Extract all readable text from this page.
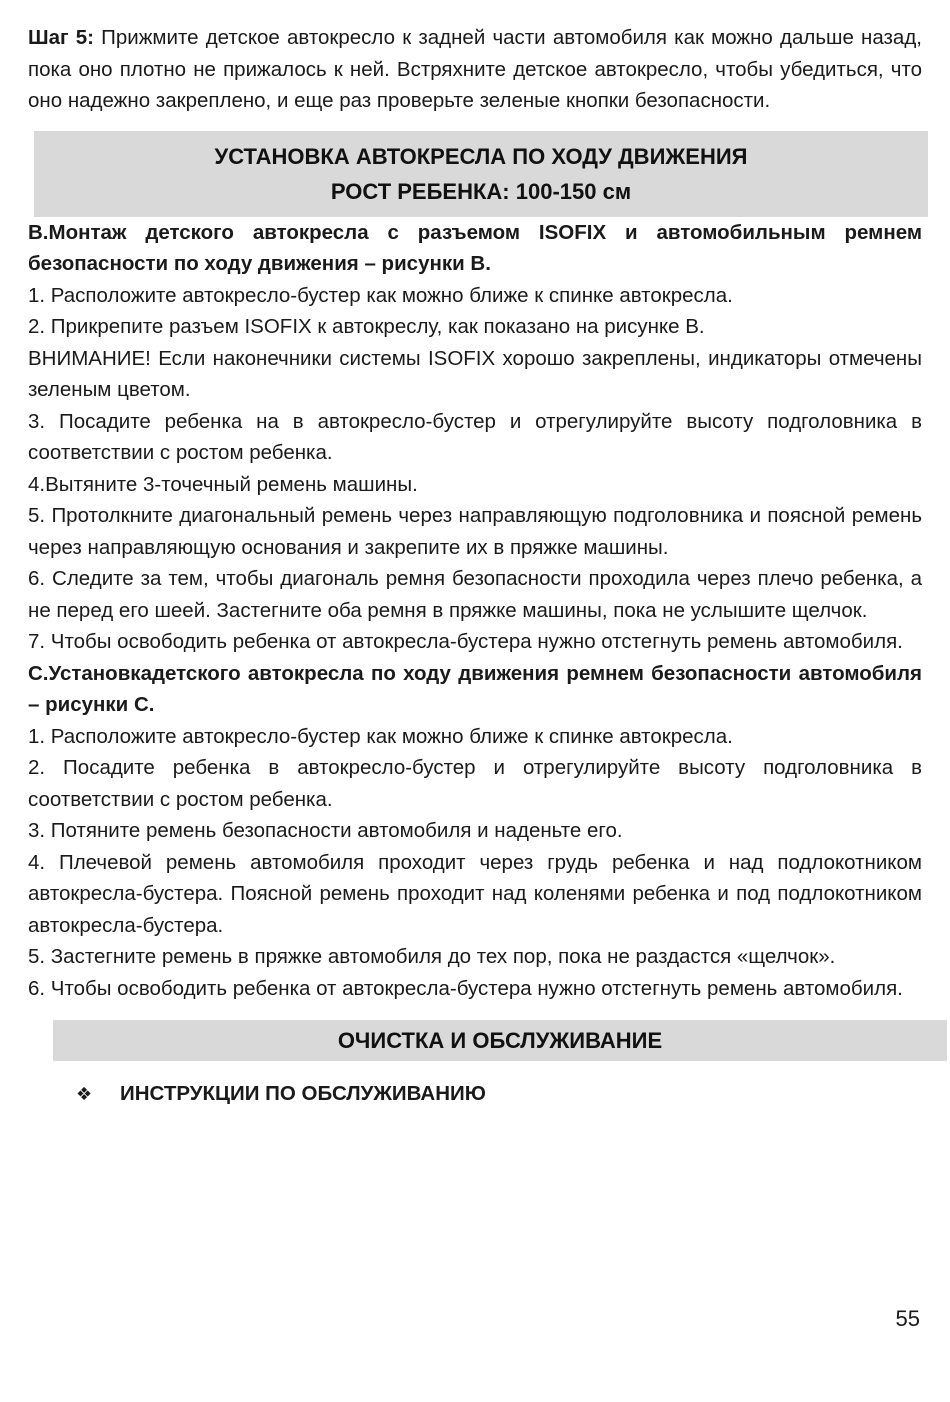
Шаг 5: Прижмите детское автокресло к задней части автомобиля как можно дальше назад, пока оно плотно не прижалось к ней. Встряхните детское автокресло, чтобы убедиться, что оно надежно закреплено, и еще раз проверьте зеленые кнопки безопасности.

УСТАНОВКА АВТОКРЕСЛА ПО ХОДУ ДВИЖЕНИЯ
РОСТ РЕБЕНКА: 100-150 см

B.Монтаж детского автокресла с разъемом ISOFIX и автомобильным ремнем безопасности по ходу движения – рисунки B.

1. Расположите автокресло-бустер как можно ближе к спинке автокресла.

2. Прикрепите разъем ISOFIX к автокреслу, как показано на рисунке B.

ВНИМАНИЕ! Если наконечники системы ISOFIX хорошо закреплены, индикаторы отмечены зеленым цветом.

3. Посадите ребенка на в автокресло-бустер и отрегулируйте высоту подголовника в соответствии с ростом ребенка.

4.Вытяните 3-точечный ремень машины.

5. Протолкните диагональный ремень через направляющую подголовника и поясной ремень через направляющую основания и закрепите их в пряжке машины.

6. Следите за тем, чтобы диагональ ремня безопасности проходила через плечо ребенка, а не перед его шеей. Застегните оба ремня в пряжке машины, пока не услышите щелчок.

7. Чтобы освободить ребенка от автокресла-бустера нужно отстегнуть ремень автомобиля.

C.Установкадетского автокресла по ходу движения ремнем безопасности автомобиля – рисунки C.

1. Расположите автокресло-бустер как можно ближе к спинке автокресла.

2. Посадите ребенка в автокресло-бустер и отрегулируйте высоту подголовника в соответствии с ростом ребенка.

3. Потяните ремень безопасности автомобиля и наденьте его.

4. Плечевой ремень автомобиля проходит через грудь ребенка и над подлокотником автокресла-бустера. Поясной ремень проходит над коленями ребенка и под подлокотником автокресла-бустера.

5. Застегните ремень в пряжке автомобиля до тех пор, пока не раздастся «щелчок».

6. Чтобы освободить ребенка от автокресла-бустера нужно отстегнуть ремень автомобиля.

ОЧИСТКА И ОБСЛУЖИВАНИЕ
❖	ИНСТРУКЦИИ ПО ОБСЛУЖИВАНИЮ
55
